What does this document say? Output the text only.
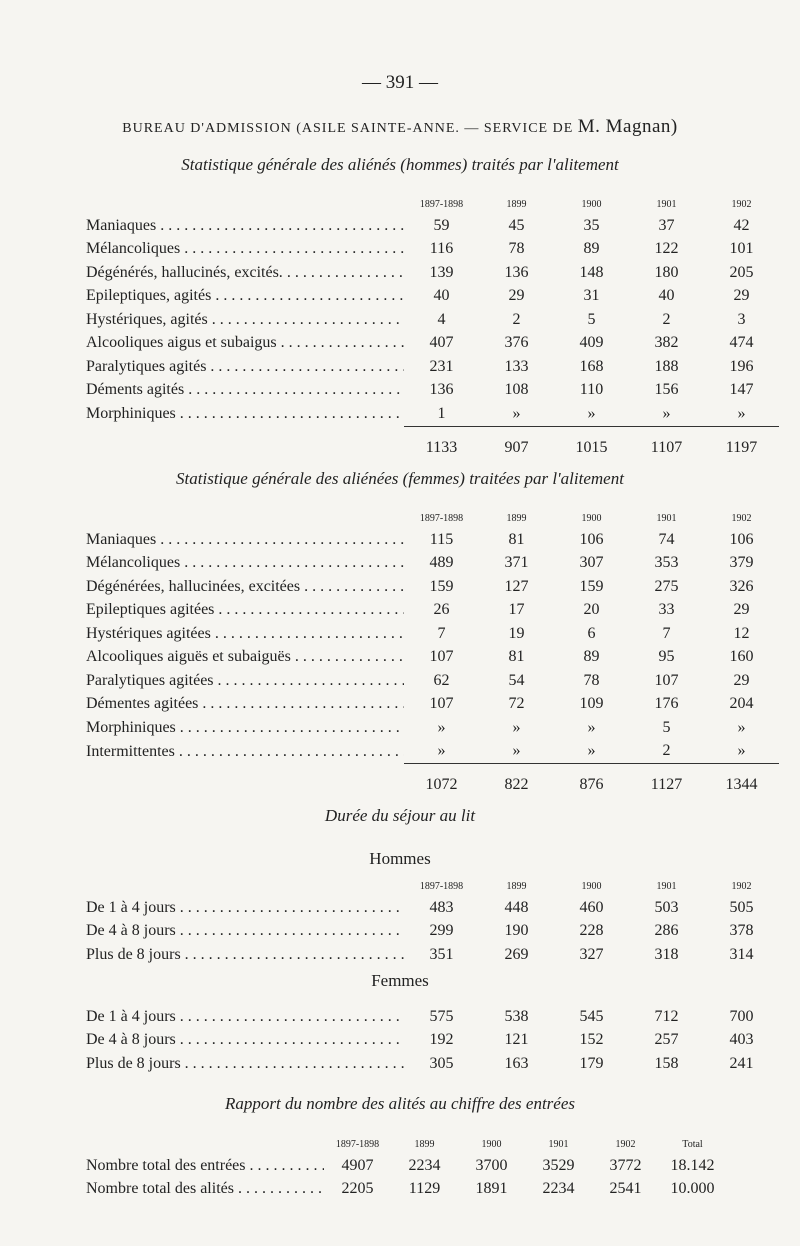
— 391 —
BUREAU D'ADMISSION (ASILE SAINTE-ANNE. — SERVICE DE M. Magnan)
Statistique générale des aliénés (hommes) traités par l'alitement
	1897-1898	1899	1900	1901	1902
Maniaques . . .	59	45	35	37	42
Mélancoliques . . .	116	78	89	122	101
Dégénérés, hallucinés, excités. . . .	139	136	148	180	205
Epileptiques, agités . . .	40	29	31	40	29
Hystériques, agités . . .	4	2	5	2	3
Alcooliques aigus et subaigus . . .	407	376	409	382	474
Paralytiques agités . . .	231	133	168	188	196
Déments agités . . .	136	108	110	156	147
Morphiniques . . .	1	»	»	»	»
	1133	907	1015	1107	1197
Statistique générale des aliénées (femmes) traitées par l'alitement
	1897-1898	1899	1900	1901	1902
Maniaques . . .	115	81	106	74	106
Mélancoliques . . .	489	371	307	353	379
Dégénérées, hallucinées, excitées . . .	159	127	159	275	326
Epileptiques agitées . . .	26	17	20	33	29
Hystériques agitées . . .	7	19	6	7	12
Alcooliques aiguës et subaiguës . . .	107	81	89	95	160
Paralytiques agitées . . .	62	54	78	107	29
Démentes agitées . . .	107	72	109	176	204
Morphiniques . . .	»	»	»	5	»
Intermittentes . . .	»	»	»	2	»
	1072	822	876	1127	1344
Durée du séjour au lit
Hommes
	1897-1898	1899	1900	1901	1902
De 1 à 4 jours . . .	483	448	460	503	505
De 4 à 8 jours . . .	299	190	228	286	378
Plus de 8 jours . . .	351	269	327	318	314
Femmes
De 1 à 4 jours . . .	575	538	545	712	700
De 4 à 8 jours . . .	192	121	152	257	403
Plus de 8 jours . . .	305	163	179	158	241
Rapport du nombre des alités au chiffre des entrées
	1897-1898	1899	1900	1901	1902	Total
Nombre total des entrées . . .	4907	2234	3700	3529	3772	18.142
Nombre total des alités . . .	2205	1129	1891	2234	2541	10.000
